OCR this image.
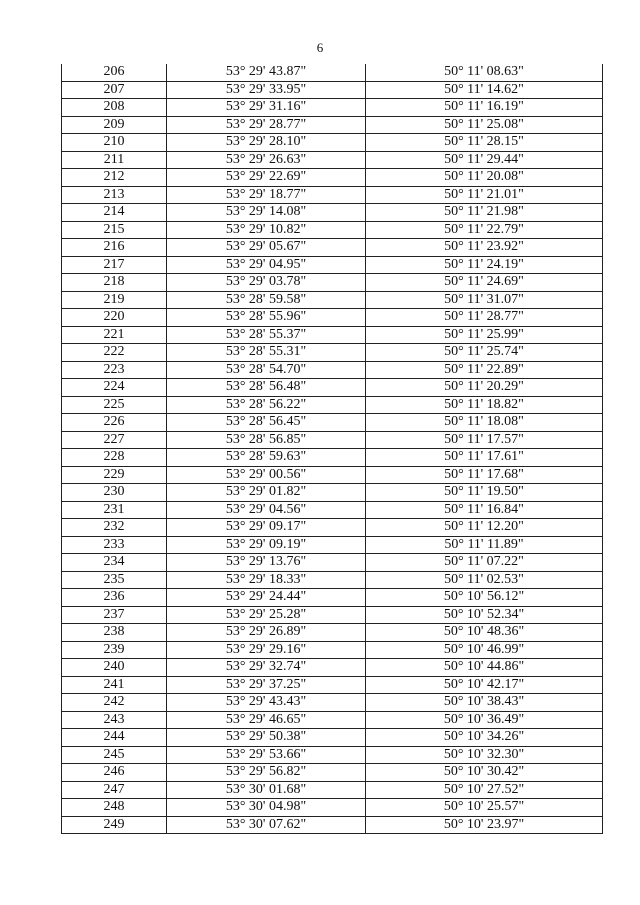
6
206	53° 29' 43.87"	50° 11' 08.63"
207	53° 29' 33.95"	50° 11' 14.62"
208	53° 29' 31.16"	50° 11' 16.19"
209	53° 29' 28.77"	50° 11' 25.08"
210	53° 29' 28.10"	50° 11' 28.15"
211	53° 29' 26.63"	50° 11' 29.44"
212	53° 29' 22.69"	50° 11' 20.08"
213	53° 29' 18.77"	50° 11' 21.01"
214	53° 29' 14.08"	50° 11' 21.98"
215	53° 29' 10.82"	50° 11' 22.79"
216	53° 29' 05.67"	50° 11' 23.92"
217	53° 29' 04.95"	50° 11' 24.19"
218	53° 29' 03.78"	50° 11' 24.69"
219	53° 28' 59.58"	50° 11' 31.07"
220	53° 28' 55.96"	50° 11' 28.77"
221	53° 28' 55.37"	50° 11' 25.99"
222	53° 28' 55.31"	50° 11' 25.74"
223	53° 28' 54.70"	50° 11' 22.89"
224	53° 28' 56.48"	50° 11' 20.29"
225	53° 28' 56.22"	50° 11' 18.82"
226	53° 28' 56.45"	50° 11' 18.08"
227	53° 28' 56.85"	50° 11' 17.57"
228	53° 28' 59.63"	50° 11' 17.61"
229	53° 29' 00.56"	50° 11' 17.68"
230	53° 29' 01.82"	50° 11' 19.50"
231	53° 29' 04.56"	50° 11' 16.84"
232	53° 29' 09.17"	50° 11' 12.20"
233	53° 29' 09.19"	50° 11' 11.89"
234	53° 29' 13.76"	50° 11' 07.22"
235	53° 29' 18.33"	50° 11' 02.53"
236	53° 29' 24.44"	50° 10' 56.12"
237	53° 29' 25.28"	50° 10' 52.34"
238	53° 29' 26.89"	50° 10' 48.36"
239	53° 29' 29.16"	50° 10' 46.99"
240	53° 29' 32.74"	50° 10' 44.86"
241	53° 29' 37.25"	50° 10' 42.17"
242	53° 29' 43.43"	50° 10' 38.43"
243	53° 29' 46.65"	50° 10' 36.49"
244	53° 29' 50.38"	50° 10' 34.26"
245	53° 29' 53.66"	50° 10' 32.30"
246	53° 29' 56.82"	50° 10' 30.42"
247	53° 30' 01.68"	50° 10' 27.52"
248	53° 30' 04.98"	50° 10' 25.57"
249	53° 30' 07.62"	50° 10' 23.97"
